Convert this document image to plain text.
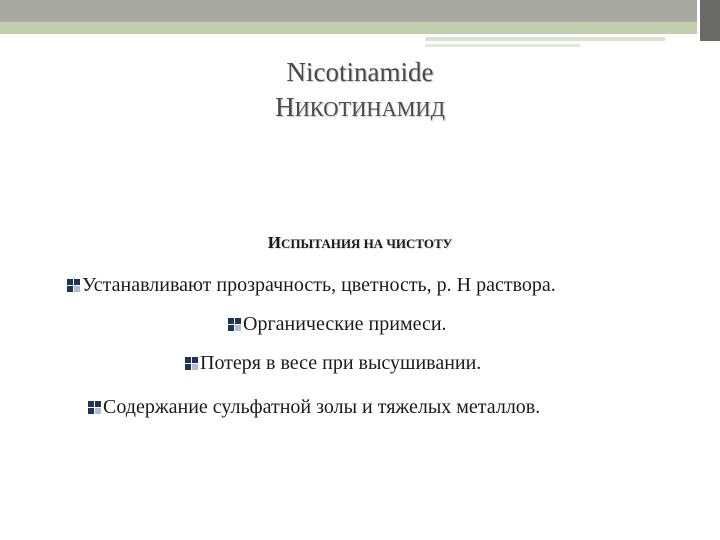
Nicotinamide
НИКОТИНАМИД
ИСПЫТАНИЯ НА ЧИСТОТУ
Устанавливают прозрачность, цветность, р. Н раствора.
Органические примеси.
Потеря в весе при высушивании.
Содержание сульфатной золы и тяжелых металлов.
